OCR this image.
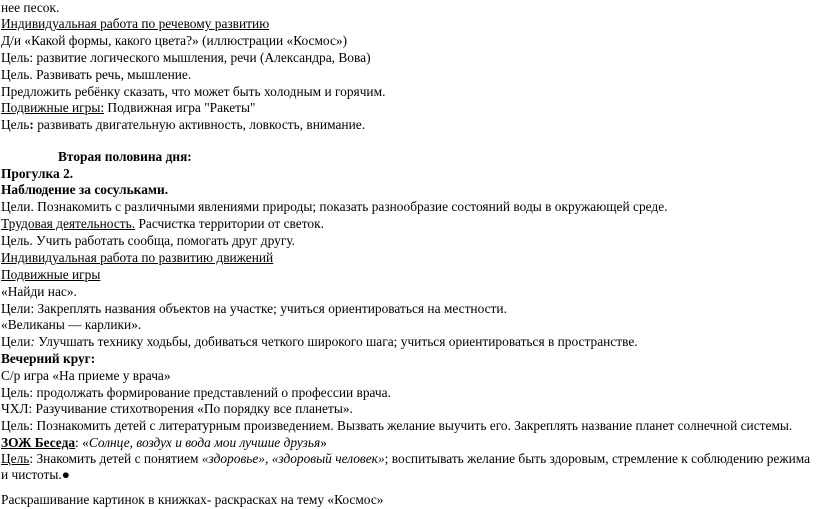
нее песок.
Индивидуальная работа по речевому развитию
Д/и «Какой формы, какого цвета?» (иллюстрации «Космос»)
Цель: развитие логического мышления, речи (Александра, Вова)
Цель. Развивать речь, мышление.
Предложить ребёнку сказать, что может быть холодным и горячим.
Подвижные игры: Подвижная игра "Ракеты"
Цель: развивать двигательную активность, ловкость, внимание.
Вторая половина дня:
Прогулка 2.
Наблюдение за сосульками.
Цели. Познакомить с различными явлениями природы; показать разнообразие состояний воды в окружающей среде.
Трудовая деятельность. Расчистка территории от светок.
Цель. Учить работать сообща, помогать друг другу.
Индивидуальная работа по развитию движений
Подвижные игры
«Найди нас».
Цели: Закреплять названия объектов на участке; учиться ориентироваться на местности.
«Великаны — карлики».
Цели: Улучшать технику ходьбы, добиваться четкого широкого шага; учиться ориентироваться в пространстве.
Вечерний круг:
С/р игра «На приеме у врача»
Цель: продолжать формирование представлений о профессии врача.
ЧХЛ: Разучивание стихотворения «По порядку все планеты».
Цель: Познакомить детей с литературным произведением. Вызвать желание выучить его. Закреплять название планет солнечной системы.
ЗОЖ Беседа: «Солнце, воздух и вода мои лучшие друзья»
Цель: Знакомить детей с понятием «здоровье», «здоровый человек»; воспитывать желание быть здоровым, стремление к соблюдению режима
и чистоты.●
Раскрашивание картинок в книжках- раскрасках на тему «Космос»
